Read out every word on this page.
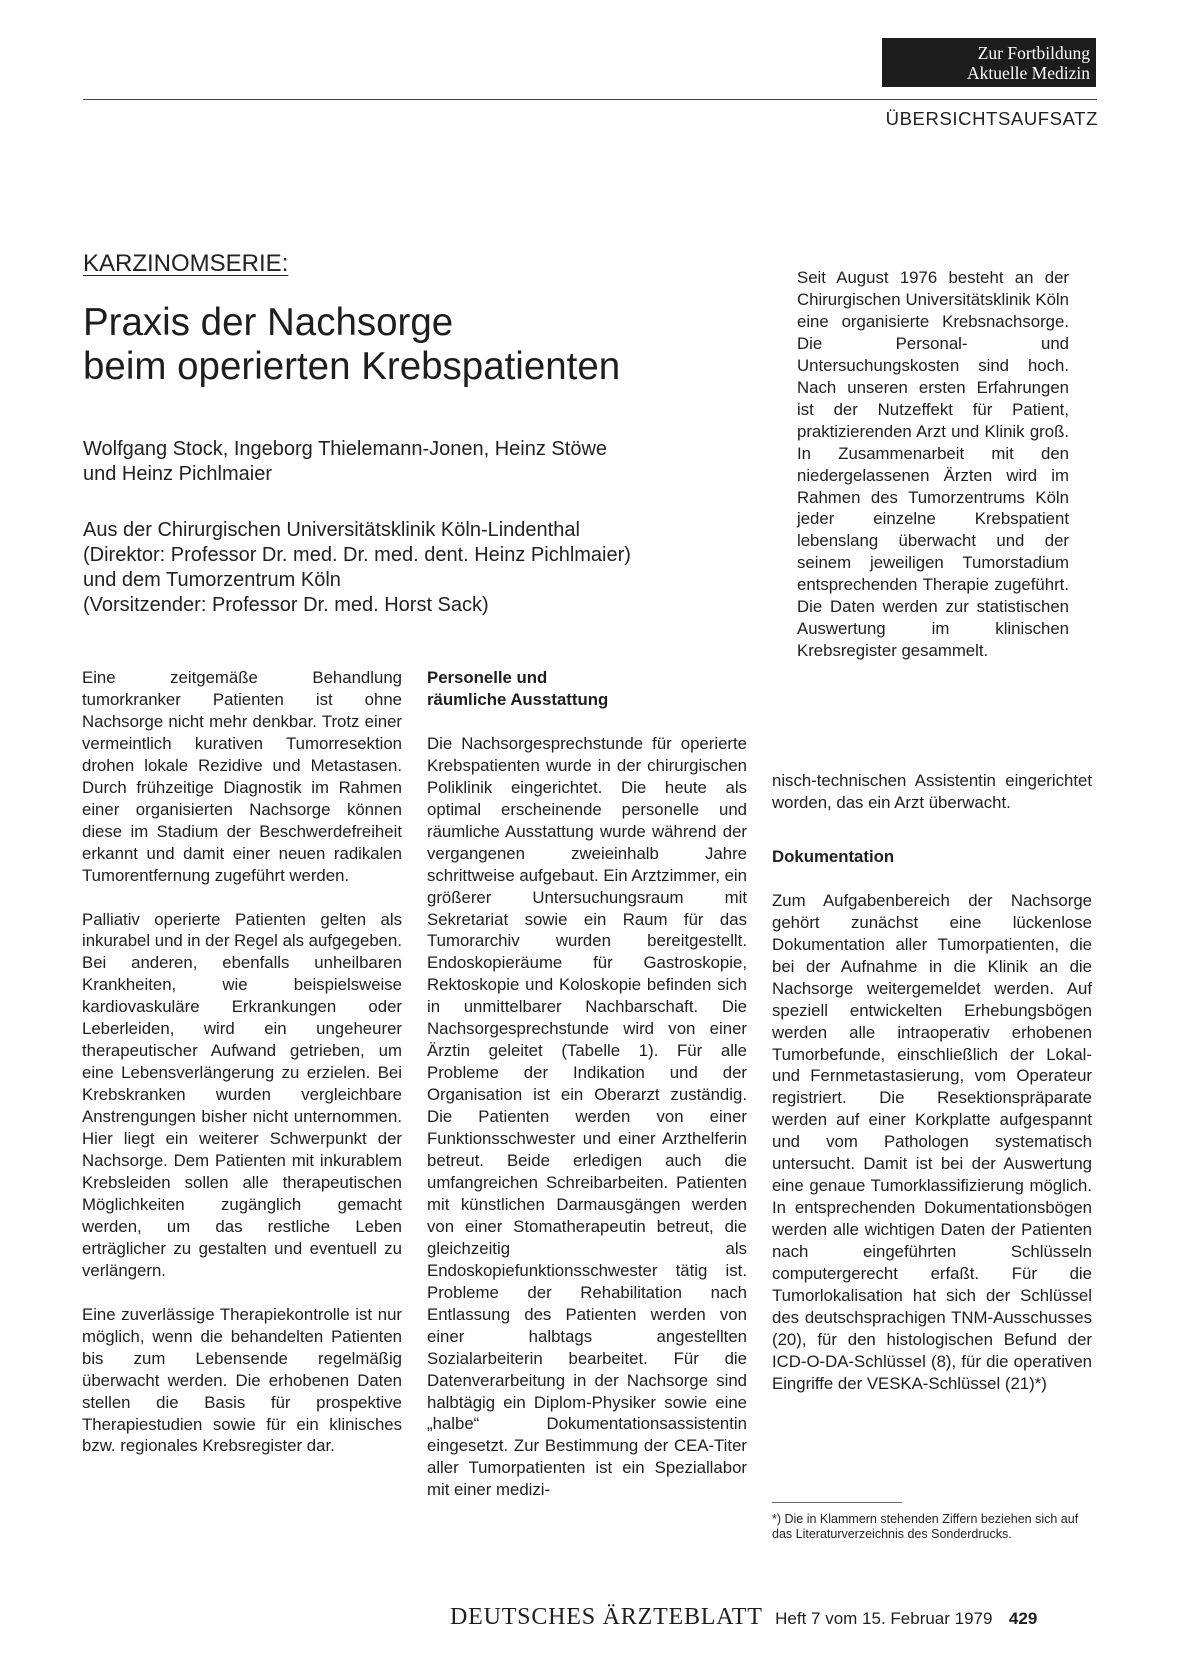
Zur Fortbildung
Aktuelle Medizin
ÜBERSICHTSAUFSATZ
KARZINOMSERIE:
Praxis der Nachsorge
beim operierten Krebspatienten
Wolfgang Stock, Ingeborg Thielemann-Jonen, Heinz Stöwe
und Heinz Pichlmaier
Aus der Chirurgischen Universitätsklinik Köln-Lindenthal
(Direktor: Professor Dr. med. Dr. med. dent. Heinz Pichlmaier)
und dem Tumorzentrum Köln
(Vorsitzender: Professor Dr. med. Horst Sack)

Seit August 1976 besteht an der Chirurgischen Universitätsklinik Köln eine organisierte Krebsnachsorge. Die Personal- und Untersuchungskosten sind hoch. Nach unseren ersten Erfahrungen ist der Nutzeffekt für Patient, praktizierenden Arzt und Klinik groß. In Zusammenarbeit mit den niedergelassenen Ärzten wird im Rahmen des Tumorzentrums Köln jeder einzelne Krebspatient lebenslang überwacht und der seinem jeweiligen Tumorstadium entsprechenden Therapie zugeführt. Die Daten werden zur statistischen Auswertung im klinischen Krebsregister gesammelt.

Eine zeitgemäße Behandlung tumorkranker Patienten ist ohne Nachsorge nicht mehr denkbar. Trotz einer vermeintlich kurativen Tumorresektion drohen lokale Rezidive und Metastasen. Durch frühzeitige Diagnostik im Rahmen einer organisierten Nachsorge können diese im Stadium der Beschwerdefreiheit erkannt und damit einer neuen radikalen Tumorentfernung zugeführt werden.

Palliativ operierte Patienten gelten als inkurabel und in der Regel als aufgegeben. Bei anderen, ebenfalls unheilbaren Krankheiten, wie beispielsweise kardiovaskuläre Erkrankungen oder Leberleiden, wird ein ungeheurer therapeutischer Aufwand getrieben, um eine Lebensverlängerung zu erzielen. Bei Krebskranken wurden vergleichbare Anstrengungen bisher nicht unternommen. Hier liegt ein weiterer Schwerpunkt der Nachsorge. Dem Patienten mit inkurablem Krebsleiden sollen alle therapeutischen Möglichkeiten zugänglich gemacht werden, um das restliche Leben erträglicher zu gestalten und eventuell zu verlängern.

Eine zuverlässige Therapiekontrolle ist nur möglich, wenn die behandelten Patienten bis zum Lebensende regelmäßig überwacht werden. Die erhobenen Daten stellen die Basis für prospektive Therapiestudien sowie für ein klinisches bzw. regionales Krebsregister dar.

Personelle und
räumliche Ausstattung

Die Nachsorgesprechstunde für operierte Krebspatienten wurde in der chirurgischen Poliklinik eingerichtet. Die heute als optimal erscheinende personelle und räumliche Ausstattung wurde während der vergangenen zweieinhalb Jahre schrittweise aufgebaut. Ein Arztzimmer, ein größerer Untersuchungsraum mit Sekretariat sowie ein Raum für das Tumorarchiv wurden bereitgestellt. Endoskopieräume für Gastroskopie, Rektoskopie und Koloskopie befinden sich in unmittelbarer Nachbarschaft. Die Nachsorgesprechstunde wird von einer Ärztin geleitet (Tabelle 1). Für alle Probleme der Indikation und der Organisation ist ein Oberarzt zuständig. Die Patienten werden von einer Funktionsschwester und einer Arzthelferin betreut. Beide erledigen auch die umfangreichen Schreibarbeiten. Patienten mit künstlichen Darmausgängen werden von einer Stomatherapeutin betreut, die gleichzeitig als Endoskopiefunktionsschwester tätig ist. Probleme der Rehabilitation nach Entlassung des Patienten werden von einer halbtags angestellten Sozialarbeiterin bearbeitet. Für die Datenverarbeitung in der Nachsorge sind halbtägig ein Diplom-Physiker sowie eine „halbe“ Dokumentationsassistentin eingesetzt. Zur Bestimmung der CEA-Titer aller Tumorpatienten ist ein Speziallabor mit einer medizi-

nisch-technischen Assistentin eingerichtet worden, das ein Arzt überwacht.

Dokumentation

Zum Aufgabenbereich der Nachsorge gehört zunächst eine lückenlose Dokumentation aller Tumorpatienten, die bei der Aufnahme in die Klinik an die Nachsorge weitergemeldet werden. Auf speziell entwickelten Erhebungsbögen werden alle intraoperativ erhobenen Tumorbefunde, einschließlich der Lokal- und Fernmetastasierung, vom Operateur registriert. Die Resektionspräparate werden auf einer Korkplatte aufgespannt und vom Pathologen systematisch untersucht. Damit ist bei der Auswertung eine genaue Tumorklassifizierung möglich. In entsprechenden Dokumentationsbögen werden alle wichtigen Daten der Patienten nach eingeführten Schlüsseln computergerecht erfaßt. Für die Tumorlokalisation hat sich der Schlüssel des deutschsprachigen TNM-Ausschusses (20), für den histologischen Befund der ICD-O-DA-Schlüssel (8), für die operativen Eingriffe der VESKA-Schlüssel (21)*)

*) Die in Klammern stehenden Ziffern beziehen sich auf das Literaturverzeichnis des Sonderdrucks.
DEUTSCHES ÄRZTEBLATT Heft 7 vom 15. Februar 1979 429
